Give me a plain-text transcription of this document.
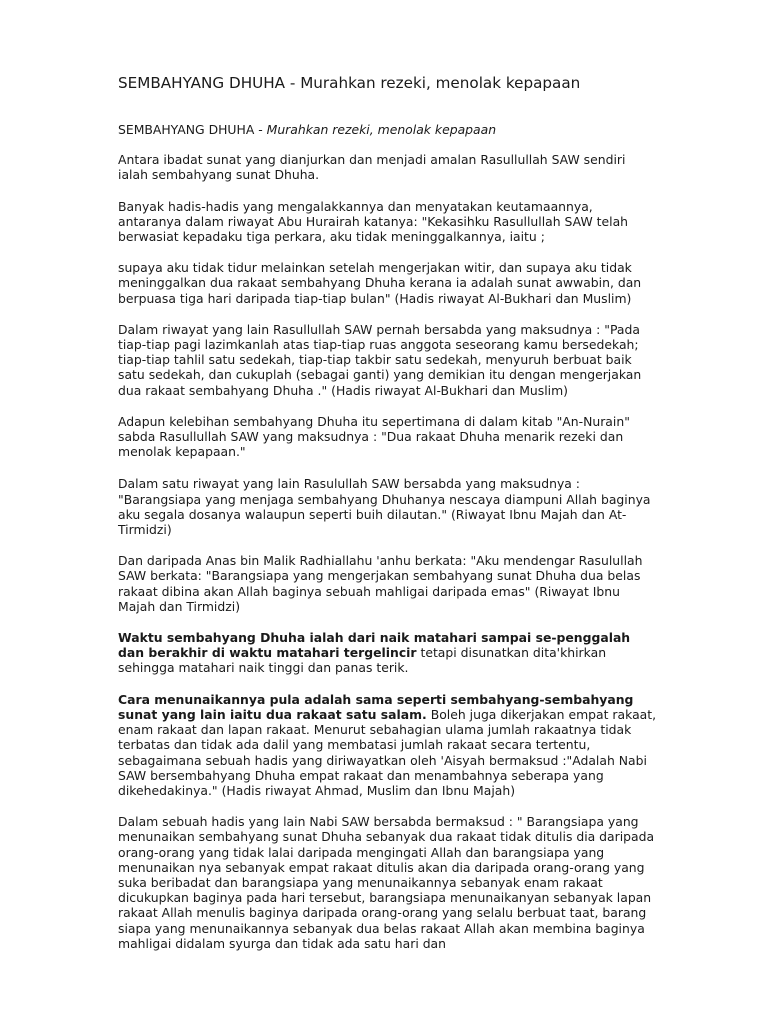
SEMBAHYANG DHUHA - Murahkan rezeki, menolak kepapaan

SEMBAHYANG DHUHA - Murahkan rezeki, menolak kepapaan

Antara ibadat sunat yang dianjurkan dan menjadi amalan Rasullullah SAW sendiri ialah sembahyang sunat Dhuha.

Banyak hadis-hadis yang mengalakkannya dan menyatakan keutamaannya, antaranya dalam riwayat Abu Hurairah katanya: "Kekasihku Rasullullah SAW telah berwasiat kepadaku tiga perkara, aku tidak meninggalkannya, iaitu ;

supaya aku tidak tidur melainkan setelah mengerjakan witir, dan supaya aku tidak meninggalkan dua rakaat sembahyang Dhuha kerana ia adalah sunat awwabin, dan berpuasa tiga hari daripada tiap-tiap bulan" (Hadis riwayat Al-Bukhari dan Muslim)

Dalam riwayat yang lain Rasullullah SAW pernah bersabda yang maksudnya : "Pada tiap-tiap pagi lazimkanlah atas tiap-tiap ruas anggota seseorang kamu bersedekah; tiap-tiap tahlil satu sedekah, tiap-tiap takbir satu sedekah, menyuruh berbuat baik satu sedekah, dan cukuplah (sebagai ganti) yang demikian itu dengan mengerjakan dua rakaat sembahyang Dhuha ." (Hadis riwayat Al-Bukhari dan Muslim)

Adapun kelebihan sembahyang Dhuha itu sepertimana di dalam kitab "An-Nurain" sabda Rasullullah SAW yang maksudnya : "Dua rakaat Dhuha menarik rezeki dan menolak kepapaan."

Dalam satu riwayat yang lain Rasulullah SAW bersabda yang maksudnya : "Barangsiapa yang menjaga sembahyang Dhuhanya nescaya diampuni Allah baginya aku segala dosanya walaupun seperti buih dilautan." (Riwayat Ibnu Majah dan At-Tirmidzi)

Dan daripada Anas bin Malik Radhiallahu 'anhu berkata: "Aku mendengar Rasulullah SAW berkata: "Barangsiapa yang mengerjakan sembahyang sunat Dhuha dua belas rakaat dibina akan Allah baginya sebuah mahligai daripada emas" (Riwayat Ibnu Majah dan Tirmidzi)

Waktu sembahyang Dhuha ialah dari naik matahari sampai se-penggalah dan berakhir di waktu matahari tergelincir tetapi disunatkan dita'khirkan sehingga matahari naik tinggi dan panas terik.

Cara menunaikannya pula adalah sama seperti sembahyang-sembahyang sunat yang lain iaitu dua rakaat satu salam. Boleh juga dikerjakan empat rakaat, enam rakaat dan lapan rakaat. Menurut sebahagian ulama jumlah rakaatnya tidak terbatas dan tidak ada dalil yang membatasi jumlah rakaat secara tertentu, sebagaimana sebuah hadis yang diriwayatkan oleh 'Aisyah bermaksud :"Adalah Nabi SAW bersembahyang Dhuha empat rakaat dan menambahnya seberapa yang dikehedakinya." (Hadis riwayat Ahmad, Muslim dan Ibnu Majah)

Dalam sebuah hadis yang lain Nabi SAW bersabda bermaksud : " Barangsiapa yang menunaikan sembahyang sunat Dhuha sebanyak dua rakaat tidak ditulis dia daripada orang-orang yang tidak lalai daripada mengingati Allah dan barangsiapa yang menunaikan nya sebanyak empat rakaat ditulis akan dia daripada orang-orang yang suka beribadat dan barangsiapa yang menunaikannya sebanyak enam rakaat dicukupkan baginya pada hari tersebut, barangsiapa menunaikanyan sebanyak lapan rakaat Allah menulis baginya daripada orang-orang yang selalu berbuat taat, barang siapa yang menunaikannya sebanyak dua belas rakaat Allah akan membina baginya mahligai didalam syurga dan tidak ada satu hari dan
